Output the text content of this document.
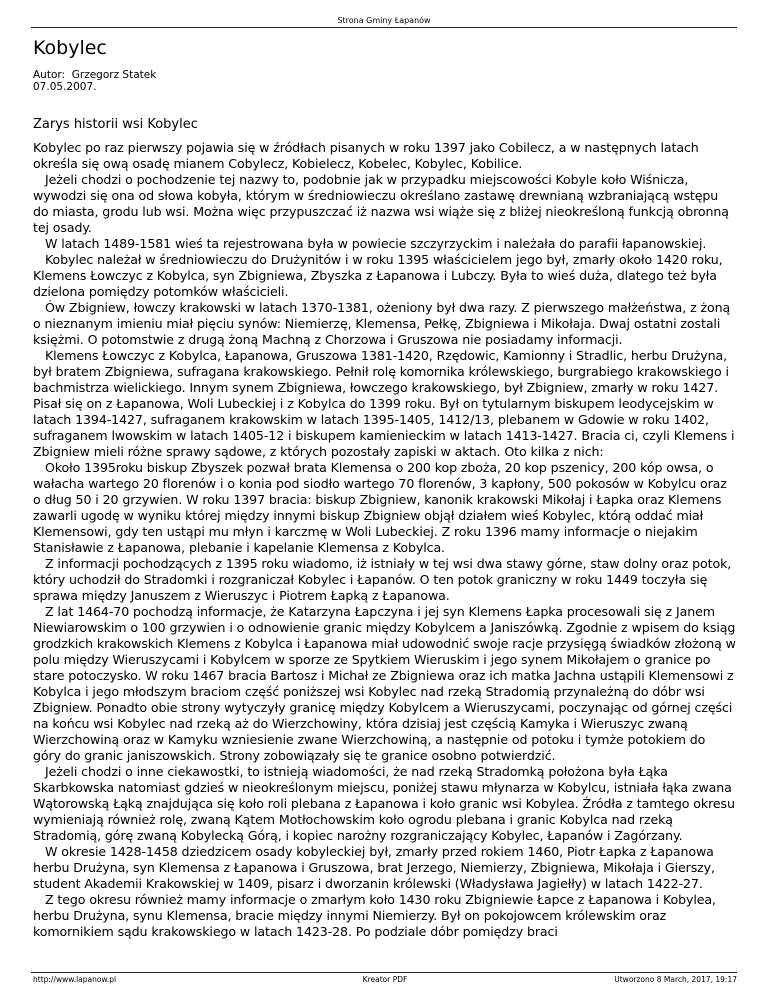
Strona Gminy Łapanów
Kobylec
Autor: Grzegorz Statek
07.05.2007.
Zarys historii wsi Kobylec

Kobylec po raz pierwszy pojawia się w źródłach pisanych w roku 1397 jako Cobilecz, a w następnych latach określa się ową osadę mianem Cobylecz, Kobielecz, Kobelec, Kobylec, Kobilice.

Jeżeli chodzi o pochodzenie tej nazwy to, podobnie jak w przypadku miejscowości Kobyle koło Wiśnicza, wywodzi się ona od słowa kobyła, którym w średniowieczu określano zastawę drewnianą wzbraniającą wstępu do miasta, grodu lub wsi. Można więc przypuszczać iż nazwa wsi wiąże się z bliżej nieokreśloną funkcją obronną tej osady.

W latach 1489-1581 wieś ta rejestrowana była w powiecie szczyrzyckim i należała do parafii łapanowskiej.

Kobylec należał w średniowieczu do Drużynitów i w roku 1395 właścicielem jego był, zmarły około 1420 roku, Klemens Łowczyc z Kobylca, syn Zbigniewa, Zbyszka z Łapanowa i Lubczy. Była to wieś duża, dlatego też była dzielona pomiędzy potomków właścicieli.

Ów Zbigniew, łowczy krakowski w latach 1370-1381, ożeniony był dwa razy. Z pierwszego małżeństwa, z żoną o nieznanym imieniu miał pięciu synów: Niemierzę, Klemensa, Pełkę, Zbigniewa i Mikołaja. Dwaj ostatni zostali księżmi. O potomstwie z drugą żoną Machną z Chorzowa i Gruszowa nie posiadamy informacji.

Klemens Łowczyc z Kobylca, Łapanowa, Gruszowa 1381-1420, Rzędowic, Kamionny i Stradlic, herbu Drużyna, był bratem Zbigniewa, sufragana krakowskiego. Pełnił rolę komornika królewskiego, burgrabiego krakowskiego i bachmistrza wielickiego. Innym synem Zbigniewa, łowczego krakowskiego, był Zbigniew, zmarły w roku 1427. Pisał się on z Łapanowa, Woli Lubeckiej i z Kobylca do 1399 roku. Był on tytularnym biskupem leodycejskim w latach 1394-1427, sufraganem krakowskim w latach 1395-1405, 1412/13, plebanem w Gdowie w roku 1402, sufraganem lwowskim w latach 1405-12 i biskupem kamienieckim w latach 1413-1427. Bracia ci, czyli Klemens i Zbigniew mieli różne sprawy sądowe, z których pozostały zapiski w aktach. Oto kilka z nich:

Około 1395roku biskup Zbyszek pozwał brata Klemensa o 200 kop zboża, 20 kop pszenicy, 200 kóp owsa, o wałacha wartego 20 florenów i o konia pod siodło wartego 70 florenów, 3 kapłony, 500 pokosów w Kobylcu oraz o dług 50 i 20 grzywien. W roku 1397 bracia: biskup Zbigniew, kanonik krakowski Mikołaj i Łapka oraz Klemens zawarli ugodę w wyniku której między innymi biskup Zbigniew objął działem wieś Kobylec, którą oddać miał Klemensowi, gdy ten ustąpi mu młyn i karczmę w Woli Lubeckiej. Z roku 1396 mamy informacje o niejakim Stanisławie z Łapanowa, plebanie i kapelanie Klemensa z Kobylca.

Z informacji pochodzących z 1395 roku wiadomo, iż istniały w tej wsi dwa stawy górne, staw dolny oraz potok, który uchodził do Stradomki i rozgraniczał Kobylec i Łapanów. O ten potok graniczny w roku 1449 toczyła się sprawa między Januszem z Wieruszyc i Piotrem Łapką z Łapanowa.

Z lat 1464-70 pochodzą informacje, że Katarzyna Łapczyna i jej syn Klemens Łapka procesowali się z Janem Niewiarowskim o 100 grzywien i o odnowienie granic między Kobylcem a Janiszówką. Zgodnie z wpisem do ksiąg grodzkich krakowskich Klemens z Kobylca i Łapanowa miał udowodnić swoje racje przysięgą świadków złożoną w polu między Wieruszycami i Kobylcem w sporze ze Spytkiem Wieruskim i jego synem Mikołajem o granice po stare potoczysko. W roku 1467 bracia Bartosz i Michał ze Zbigniewa oraz ich matka Jachna ustąpili Klemensowi z Kobylca i jego młodszym braciom część poniższej wsi Kobylec nad rzeką Stradomią przynależną do dóbr wsi Zbigniew. Ponadto obie strony wytyczyły granicę między Kobylcem a Wieruszycami, poczynając od górnej części na końcu wsi Kobylec nad rzeką aż do Wierzchowiny, która dzisiaj jest częścią Kamyka i Wieruszyc zwaną Wierzchowiną oraz w Kamyku wzniesienie zwane Wierzchowiną, a następnie od potoku i tymże potokiem do góry do granic janiszowskich. Strony zobowiązały się te granice osobno potwierdzić.

Jeżeli chodzi o inne ciekawostki, to istnieją wiadomości, że nad rzeką Stradomką położona była Łąka Skarbkowska natomiast gdzieś w nieokreślonym miejscu, poniżej stawu młynarza w Kobylcu, istniała łąka zwana Wątorowską Łąką znajdująca się koło roli plebana z Łapanowa i koło granic wsi Kobylea. Źródła z tamtego okresu wymieniają również rolę, zwaną Kątem Motłochowskim koło ogrodu plebana i granic Kobylca nad rzeką Stradomią, górę zwaną Kobylecką Górą, i kopiec narożny rozgraniczający Kobylec, Łapanów i Zagórzany.

W okresie 1428-1458 dziedzicem osady kobyleckiej był, zmarły przed rokiem 1460, Piotr Łapka z Łapanowa herbu Drużyna, syn Klemensa z Łapanowa i Gruszowa, brat Jerzego, Niemierzy, Zbigniewa, Mikołaja i Gierszy, student Akademii Krakowskiej w 1409, pisarz i dworzanin królewski (Władysława Jagiełły) w latach 1422-27.

Z tego okresu również mamy informacje o zmarłym koło 1430 roku Zbigniewie Łapce z Łapanowa i Kobylea, herbu Drużyna, synu Klemensa, bracie między innymi Niemierzy. Był on pokojowcem królewskim oraz komornikiem sądu krakowskiego w latach 1423-28. Po podziale dóbr pomiędzy braci

http://www.lapanow.pl	Kreator PDF	Utworzono 8 March, 2017, 19:17
